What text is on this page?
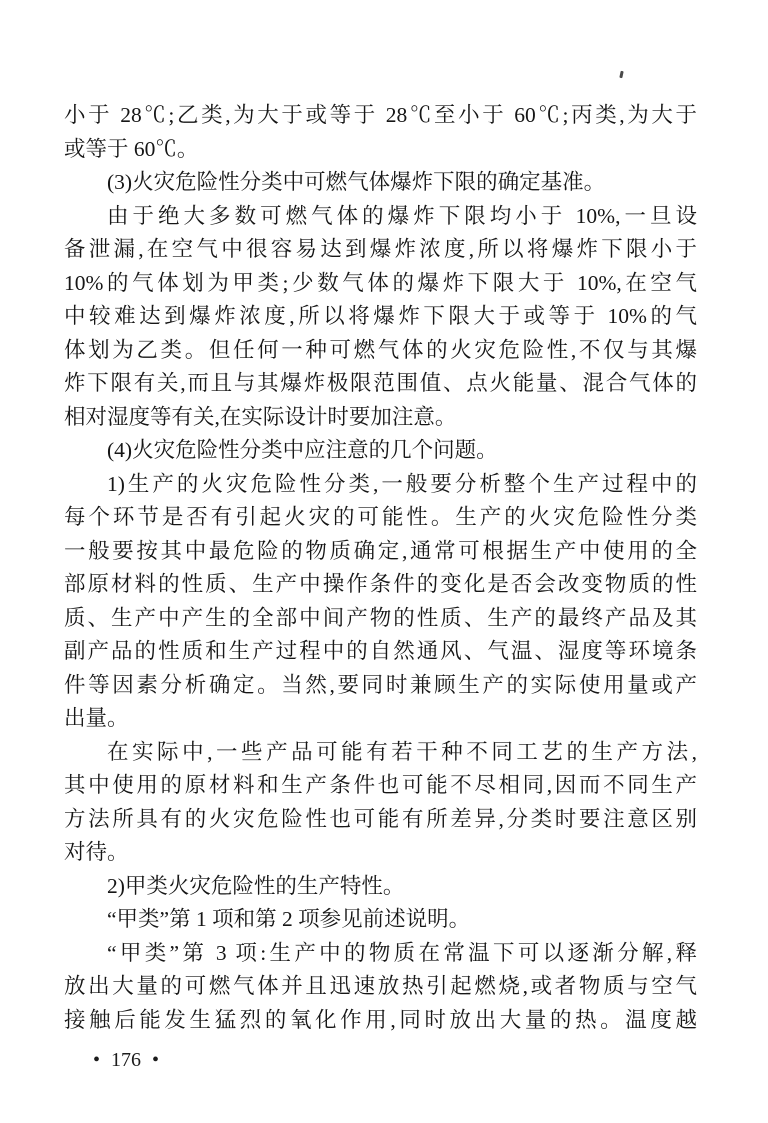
小于 28℃;乙类,为大于或等于 28℃至小于 60℃;丙类,为大于
或等于 60℃。
(3)火灾危险性分类中可燃气体爆炸下限的确定基准。
由于绝大多数可燃气体的爆炸下限均小于 10%,一旦设
备泄漏,在空气中很容易达到爆炸浓度,所以将爆炸下限小于
10%的气体划为甲类;少数气体的爆炸下限大于 10%,在空气
中较难达到爆炸浓度,所以将爆炸下限大于或等于 10%的气
体划为乙类。但任何一种可燃气体的火灾危险性,不仅与其爆
炸下限有关,而且与其爆炸极限范围值、点火能量、混合气体的
相对湿度等有关,在实际设计时要加注意。
(4)火灾危险性分类中应注意的几个问题。
1)生产的火灾危险性分类,一般要分析整个生产过程中的
每个环节是否有引起火灾的可能性。生产的火灾危险性分类
一般要按其中最危险的物质确定,通常可根据生产中使用的全
部原材料的性质、生产中操作条件的变化是否会改变物质的性
质、生产中产生的全部中间产物的性质、生产的最终产品及其
副产品的性质和生产过程中的自然通风、气温、湿度等环境条
件等因素分析确定。当然,要同时兼顾生产的实际使用量或产
出量。
在实际中,一些产品可能有若干种不同工艺的生产方法,
其中使用的原材料和生产条件也可能不尽相同,因而不同生产
方法所具有的火灾危险性也可能有所差异,分类时要注意区别
对待。
2)甲类火灾危险性的生产特性。
“甲类”第 1 项和第 2 项参见前述说明。
“甲类”第 3 项:生产中的物质在常温下可以逐渐分解,释
放出大量的可燃气体并且迅速放热引起燃烧,或者物质与空气
接触后能发生猛烈的氧化作用,同时放出大量的热。温度越
• 176 •
